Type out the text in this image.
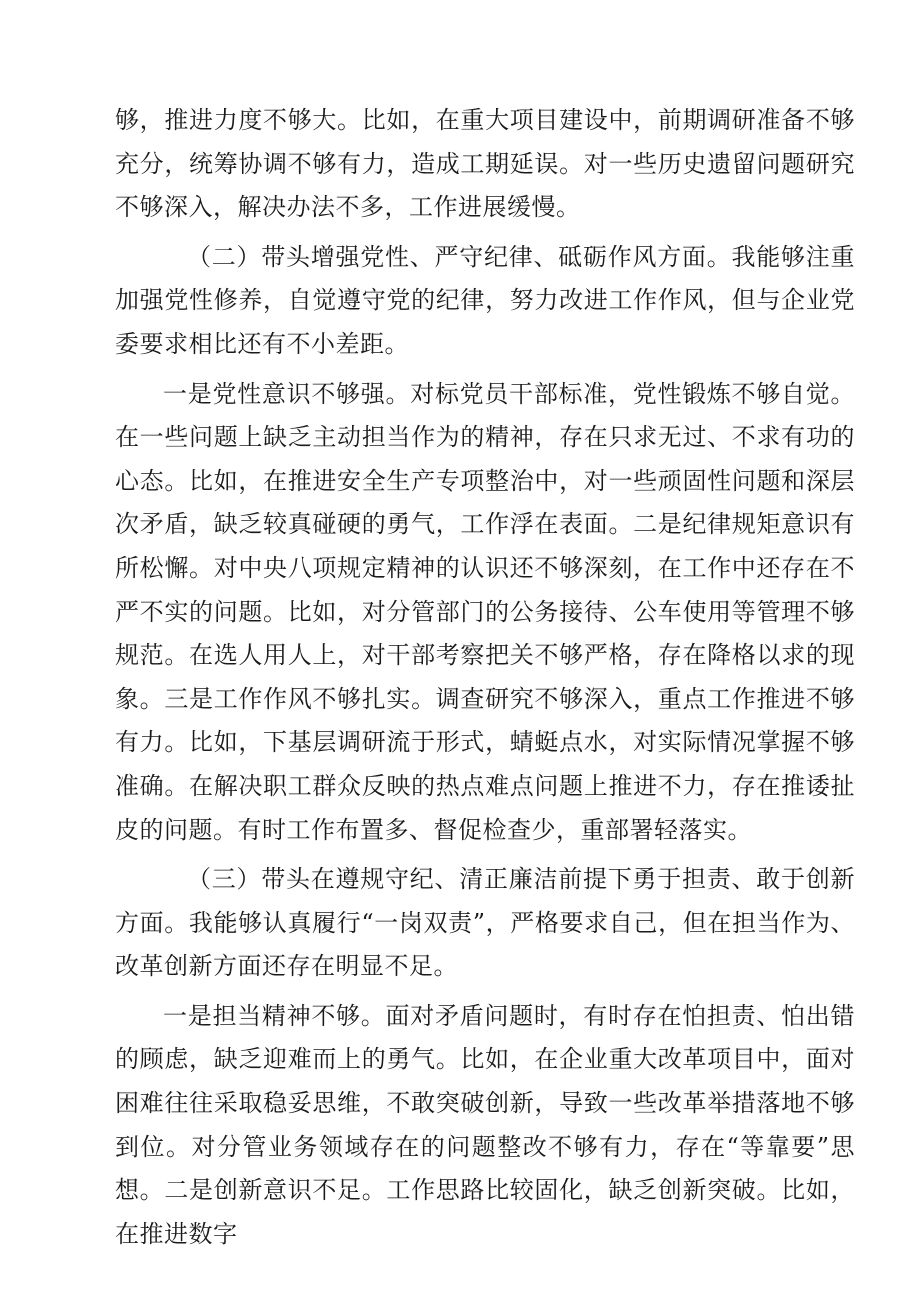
够，推进力度不够大。比如，在重大项目建设中，前期调研准备不够充分，统筹协调不够有力，造成工期延误。对一些历史遗留问题研究不够深入，解决办法不多，工作进展缓慢。

（二）带头增强党性、严守纪律、砥砺作风方面。我能够注重加强党性修养，自觉遵守党的纪律，努力改进工作作风，但与企业党委要求相比还有不小差距。

一是党性意识不够强。对标党员干部标准，党性锻炼不够自觉。在一些问题上缺乏主动担当作为的精神，存在只求无过、不求有功的心态。比如，在推进安全生产专项整治中，对一些顽固性问题和深层次矛盾，缺乏较真碰硬的勇气，工作浮在表面。二是纪律规矩意识有所松懈。对中央八项规定精神的认识还不够深刻，在工作中还存在不严不实的问题。比如，对分管部门的公务接待、公车使用等管理不够规范。在选人用人上，对干部考察把关不够严格，存在降格以求的现象。三是工作作风不够扎实。调查研究不够深入，重点工作推进不够有力。比如，下基层调研流于形式，蜻蜓点水，对实际情况掌握不够准确。在解决职工群众反映的热点难点问题上推进不力，存在推诿扯皮的问题。有时工作布置多、督促检查少，重部署轻落实。

（三）带头在遵规守纪、清正廉洁前提下勇于担责、敢于创新方面。我能够认真履行“一岗双责”，严格要求自己，但在担当作为、改革创新方面还存在明显不足。

一是担当精神不够。面对矛盾问题时，有时存在怕担责、怕出错的顾虑，缺乏迎难而上的勇气。比如，在企业重大改革项目中，面对困难往往采取稳妥思维，不敢突破创新，导致一些改革举措落地不够到位。对分管业务领域存在的问题整改不够有力，存在“等靠要”思想。二是创新意识不足。工作思路比较固化，缺乏创新突破。比如，在推进数字
